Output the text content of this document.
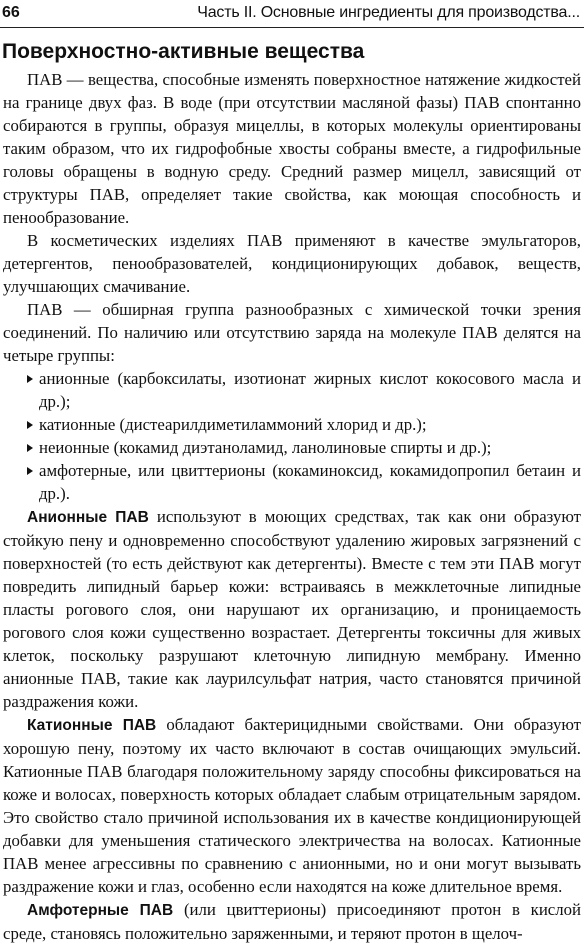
66	Часть II. Основные ингредиенты для производства...
Поверхностно-активные вещества

ПАВ — вещества, способные изменять поверхностное натяжение жидкостей на границе двух фаз. В воде (при отсутствии масляной фазы) ПАВ спонтанно собираются в группы, образуя мицеллы, в которых молекулы ориентированы таким образом, что их гидрофобные хвосты собраны вместе, а гидрофильные головы обращены в водную среду. Средний размер мицелл, зависящий от структуры ПАВ, определяет такие свойства, как моющая способность и пенообразование.

В косметических изделиях ПАВ применяют в качестве эмульгаторов, детергентов, пенообразователей, кондиционирующих добавок, веществ, улучшающих смачивание.

ПАВ — обширная группа разнообразных с химической точки зрения соединений. По наличию или отсутствию заряда на молекуле ПАВ делятся на четыре группы:

анионные (карбоксилаты, изотионат жирных кислот кокосового масла и др.);
катионные (дистеарилдиметиламмоний хлорид и др.);
неионные (кокамид диэтаноламид, ланолиновые спирты и др.);
амфотерные, или цвиттерионы (кокаминоксид, кокамидопропил бетаин и др.).

Анионные ПАВ используют в моющих средствах, так как они образуют стойкую пену и одновременно способствуют удалению жировых загрязнений с поверхностей (то есть действуют как детергенты). Вместе с тем эти ПАВ могут повредить липидный барьер кожи: встраиваясь в межклеточные липидные пласты рогового слоя, они нарушают их организацию, и проницаемость рогового слоя кожи существенно возрастает. Детергенты токсичны для живых клеток, поскольку разрушают клеточную липидную мембрану. Именно анионные ПАВ, такие как лаурилсульфат натрия, часто становятся причиной раздражения кожи.

Катионные ПАВ обладают бактерицидными свойствами. Они образуют хорошую пену, поэтому их часто включают в состав очищающих эмульсий. Катионные ПАВ благодаря положительному заряду способны фиксироваться на коже и волосах, поверхность которых обладает слабым отрицательным зарядом. Это свойство стало причиной использования их в качестве кондиционирующей добавки для уменьшения статического электричества на волосах. Катионные ПАВ менее агрессивны по сравнению с анионными, но и они могут вызывать раздражение кожи и глаз, особенно если находятся на коже длительное время.

Амфотерные ПАВ (или цвиттерионы) присоединяют протон в кислой среде, становясь положительно заряженными, и теряют протон в щелоч-
